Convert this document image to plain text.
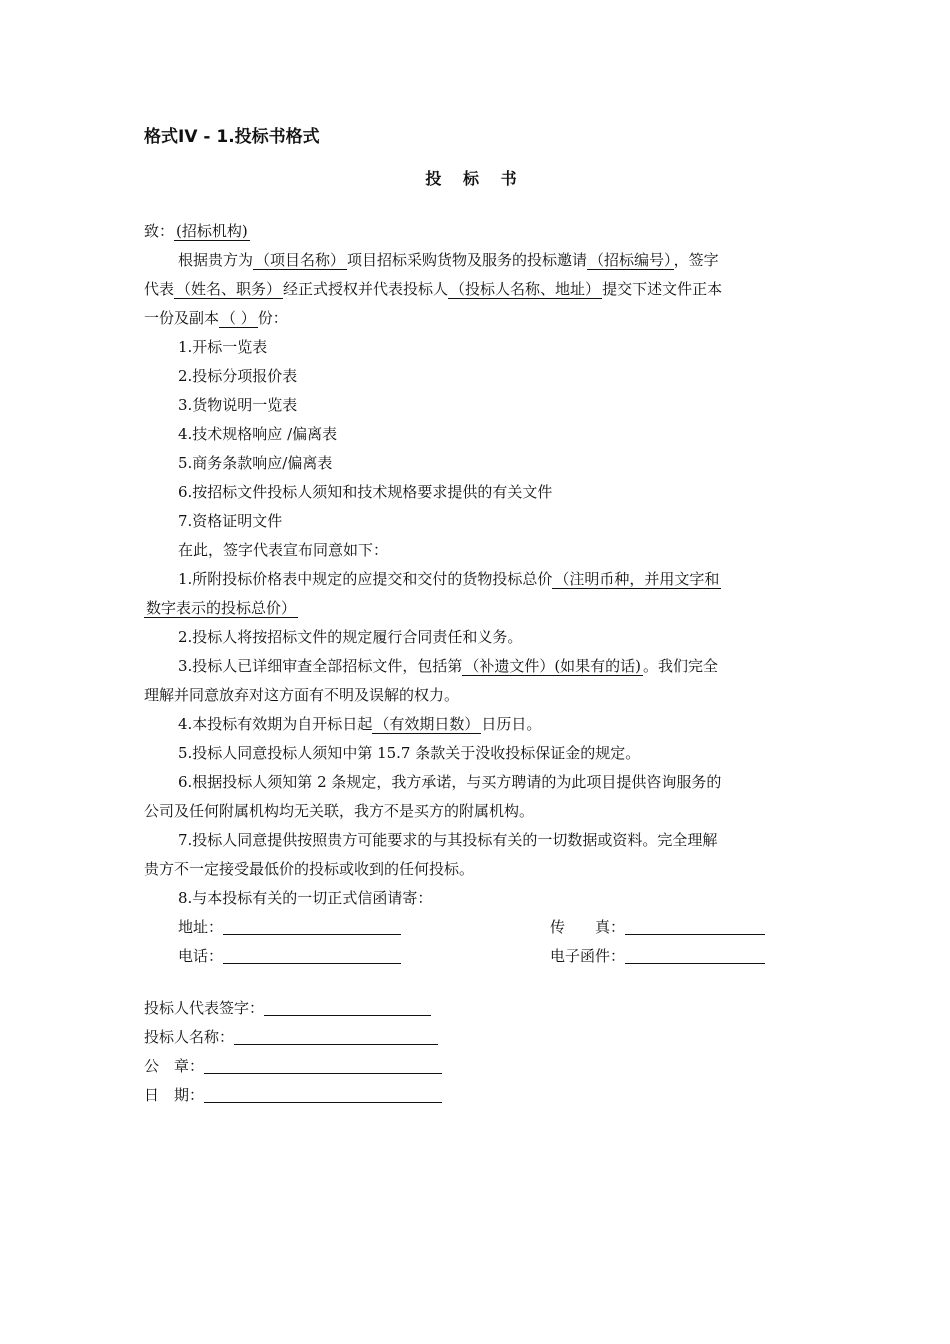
格式IV - 1.投标书格式
投 标 书
致： (招标机构)
根据贵方为 （项目名称） 项目招标采购货物及服务的投标邀请 （招标编号） ，签字
代表 （姓名、职务） 经正式授权并代表投标人 （投标人名称、地址） 提交下述文件正本
一份及副本 （ ） 份：
1.开标一览表
2.投标分项报价表
3.货物说明一览表
4.技术规格响应 /偏离表
5.商务条款响应/偏离表
6.按招标文件投标人须知和技术规格要求提供的有关文件
7.资格证明文件
在此，签字代表宣布同意如下：
1.所附投标价格表中规定的应提交和交付的货物投标总价 （注明币种，并用文字和
数字表示的投标总价）
2.投标人将按招标文件的规定履行合同责任和义务。
3.投标人已详细审查全部招标文件，包括第 （补遗文件）(如果有的话) 。我们完全
理解并同意放弃对这方面有不明及误解的权力。
4.本投标有效期为自开标日起 （有效期日数） 日历日。
5.投标人同意投标人须知中第 15.7 条款关于没收投标保证金的规定。
6.根据投标人须知第 2 条规定，我方承诺，与买方聘请的为此项目提供咨询服务的
公司及任何附属机构均无关联，我方不是买方的附属机构。
7.投标人同意提供按照贵方可能要求的与其投标有关的一切数据或资料。完全理解
贵方不一定接受最低价的投标或收到的任何投标。
8.与本投标有关的一切正式信函请寄：
地址：	传　　真：
电话：	电子函件：
投标人代表签字：
投标人名称：
公　章：
日　期：
